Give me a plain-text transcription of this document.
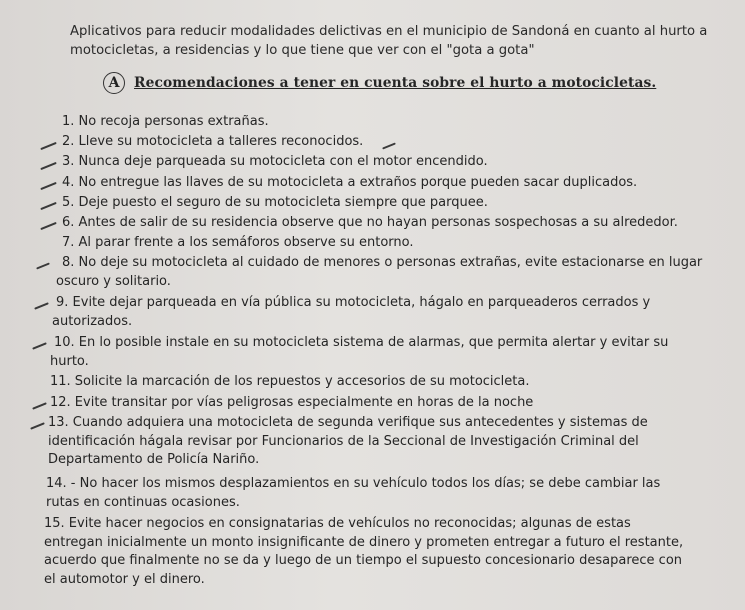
Aplicativos para reducir modalidades delictivas en el municipio de Sandoná en cuanto al hurto a motocicletas, a residencias y lo que tiene que ver con el "gota a gota"
A	Recomendaciones a tener en cuenta sobre el hurto a motocicletas.
1. No recoja personas extrañas.
2. Lleve su motocicleta a talleres reconocidos.
3. Nunca deje parqueada su motocicleta con el motor encendido.
4. No entregue las llaves de su motocicleta a extraños porque pueden sacar duplicados.
5. Deje puesto el seguro de su motocicleta siempre que parquee.
6. Antes de salir de su residencia observe que no hayan personas sospechosas a su alrededor.
7. Al parar frente a los semáforos observe su entorno.
8. No deje su motocicleta al cuidado de menores o personas extrañas, evite estacionarse en lugar oscuro y solitario.
9. Evite dejar parqueada en vía pública su motocicleta, hágalo en parqueaderos cerrados y autorizados.
10. En lo posible instale en su motocicleta sistema de alarmas, que permita alertar y evitar su hurto.
11. Solicite la marcación de los repuestos y accesorios de su motocicleta.
12. Evite transitar por vías peligrosas especialmente en horas de la noche
13. Cuando adquiera una motocicleta de segunda verifique sus antecedentes y sistemas de identificación hágala revisar por Funcionarios de la Seccional de Investigación Criminal del Departamento de Policía Nariño.
14. - No hacer los mismos desplazamientos en su vehículo todos los días; se debe cambiar las rutas en continuas ocasiones.
15. Evite hacer negocios en consignatarias de vehículos no reconocidas; algunas de estas entregan inicialmente un monto insignificante de dinero y prometen entregar a futuro el restante, acuerdo que finalmente no se da y luego de un tiempo el supuesto concesionario desaparece con el automotor y el dinero.
